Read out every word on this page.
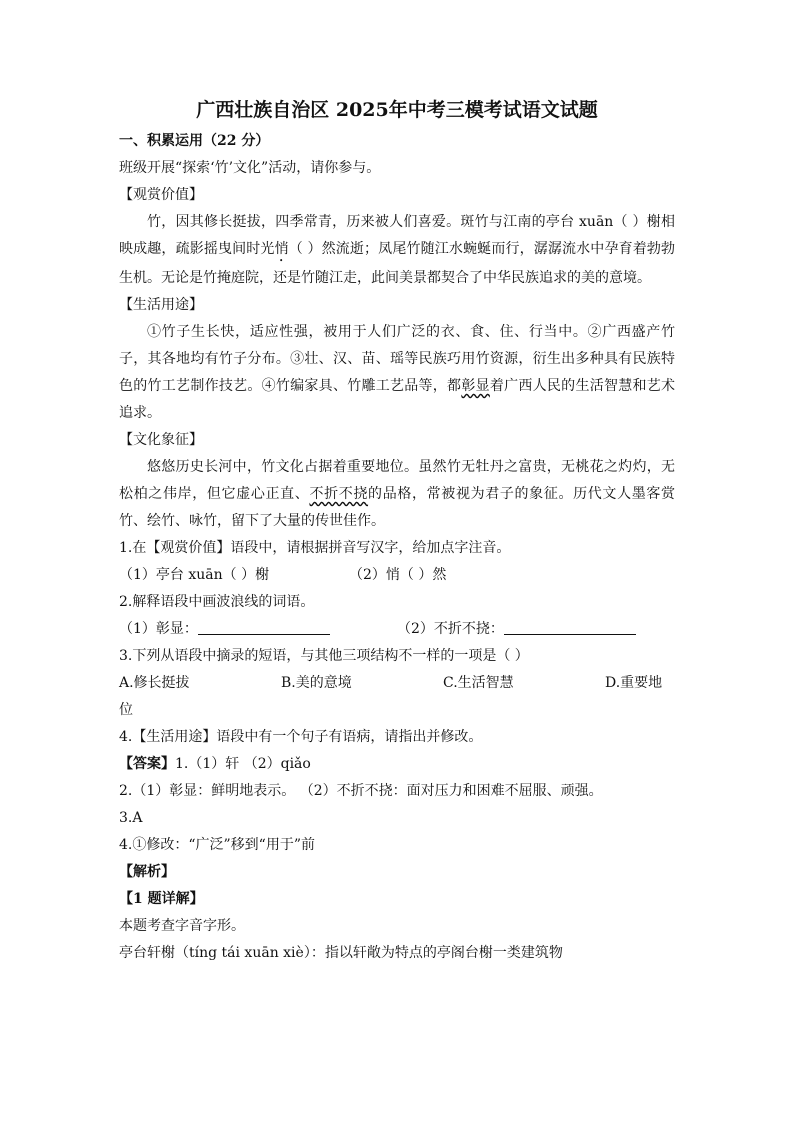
广西壮族自治区 2025年中考三模考试语文试题
一、积累运用（22 分）
班级开展“探索‘竹’文化”活动，请你参与。
【观赏价值】
竹，因其修长挺拔，四季常青，历来被人们喜爱。斑竹与江南的亭台 xuān（ ）榭相映成趣，疏影摇曳间时光悄（ ）然流逝；凤尾竹随江水蜿蜒而行，潺潺流水中孕育着勃勃生机。无论是竹掩庭院，还是竹随江走，此间美景都契合了中华民族追求的美的意境。
【生活用途】
①竹子生长快，适应性强，被用于人们广泛的衣、食、住、行当中。②广西盛产竹子，其各地均有竹子分布。③壮、汉、苗、瑶等民族巧用竹资源，衍生出多种具有民族特色的竹工艺制作技艺。④竹编家具、竹雕工艺品等，都彰显着广西人民的生活智慧和艺术追求。
【文化象征】
悠悠历史长河中，竹文化占据着重要地位。虽然竹无牡丹之富贵，无桃花之灼灼，无松柏之伟岸，但它虚心正直、不折不挠的品格，常被视为君子的象征。历代文人墨客赏竹、绘竹、咏竹，留下了大量的传世佳作。
1.在【观赏价值】语段中，请根据拼音写汉字，给加点字注音。
（1）亭台 xuān（ ）榭	（2）悄（ ）然
2.解释语段中画波浪线的词语。
（1）彰显：	（2）不折不挠：
3.下列从语段中摘录的短语，与其他三项结构不一样的一项是（ ）
A.修长挺拔	B.美的意境	C.生活智慧	D.重要地
位
4.【生活用途】语段中有一个句子有语病，请指出并修改。
【答案】1.（1）轩 （2）qiǎo
2.（1）彰显：鲜明地表示。 （2）不折不挠：面对压力和困难不屈服、顽强。
3.A
4.①修改：“广泛”移到“用于”前
【解析】
【1 题详解】
本题考查字音字形。
亭台轩榭（tíng tái xuān xiè）：指以轩敞为特点的亭阁台榭一类建筑物
